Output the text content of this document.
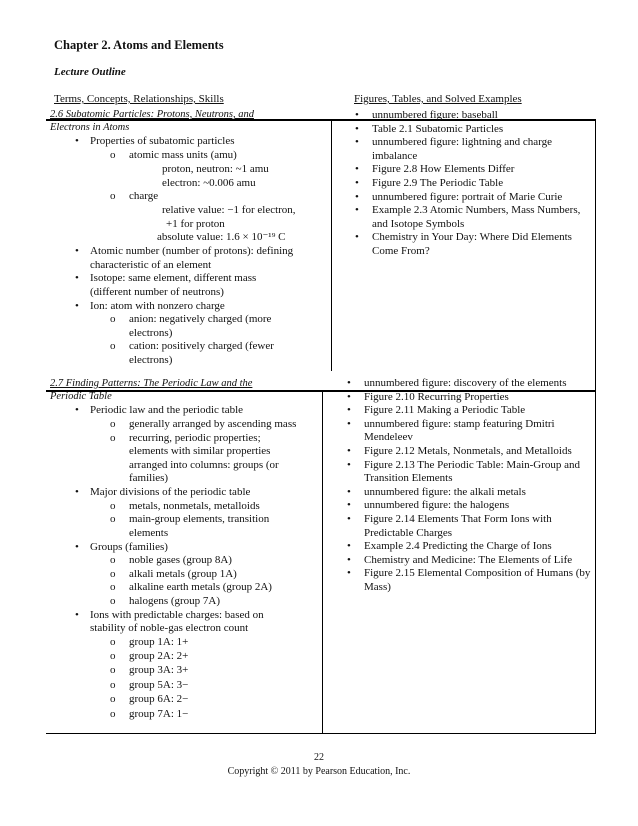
Chapter 2. Atoms and Elements
Lecture Outline
Terms, Concepts, Relationships, Skills	Figures, Tables, and Solved Examples
2.6 Subatomic Particles: Protons, Neutrons, and
Electrons in Atoms
• Properties of subatomic particles
o atomic mass units (amu)
proton, neutron: ~1 amu
electron: ~0.006 amu
o charge
relative value: −1 for electron,
+1 for proton
absolute value: 1.6 × 10⁻¹⁹ C
• Atomic number (number of protons): defining
characteristic of an element
• Isotope: same element, different mass
(different number of neutrons)
• Ion: atom with nonzero charge
o anion: negatively charged (more
electrons)
o cation: positively charged (fewer
electrons)
• unnumbered figure: baseball
• Table 2.1 Subatomic Particles
• unnumbered figure: lightning and charge imbalance
• Figure 2.8 How Elements Differ
• Figure 2.9 The Periodic Table
• unnumbered figure: portrait of Marie Curie
• Example 2.3 Atomic Numbers, Mass Numbers, and Isotope Symbols
• Chemistry in Your Day: Where Did Elements Come From?
2.7 Finding Patterns: The Periodic Law and the
Periodic Table
• Periodic law and the periodic table
o generally arranged by ascending mass
o recurring, periodic properties;
elements with similar properties
arranged into columns: groups (or
families)
• Major divisions of the periodic table
o metals, nonmetals, metalloids
o main-group elements, transition
elements
• Groups (families)
o noble gases (group 8A)
o alkali metals (group 1A)
o alkaline earth metals (group 2A)
o halogens (group 7A)
• Ions with predictable charges: based on
stability of noble-gas electron count
o group 1A: 1+
o group 2A: 2+
o group 3A: 3+
o group 5A: 3−
o group 6A: 2−
o group 7A: 1−
• unnumbered figure: discovery of the elements
• Figure 2.10 Recurring Properties
• Figure 2.11 Making a Periodic Table
• unnumbered figure: stamp featuring Dmitri Mendeleev
• Figure 2.12 Metals, Nonmetals, and Metalloids
• Figure 2.13 The Periodic Table: Main-Group and Transition Elements
• unnumbered figure: the alkali metals
• unnumbered figure: the halogens
• Figure 2.14 Elements That Form Ions with Predictable Charges
• Example 2.4 Predicting the Charge of Ions
• Chemistry and Medicine: The Elements of Life
• Figure 2.15 Elemental Composition of Humans (by Mass)
22
Copyright © 2011 by Pearson Education, Inc.
